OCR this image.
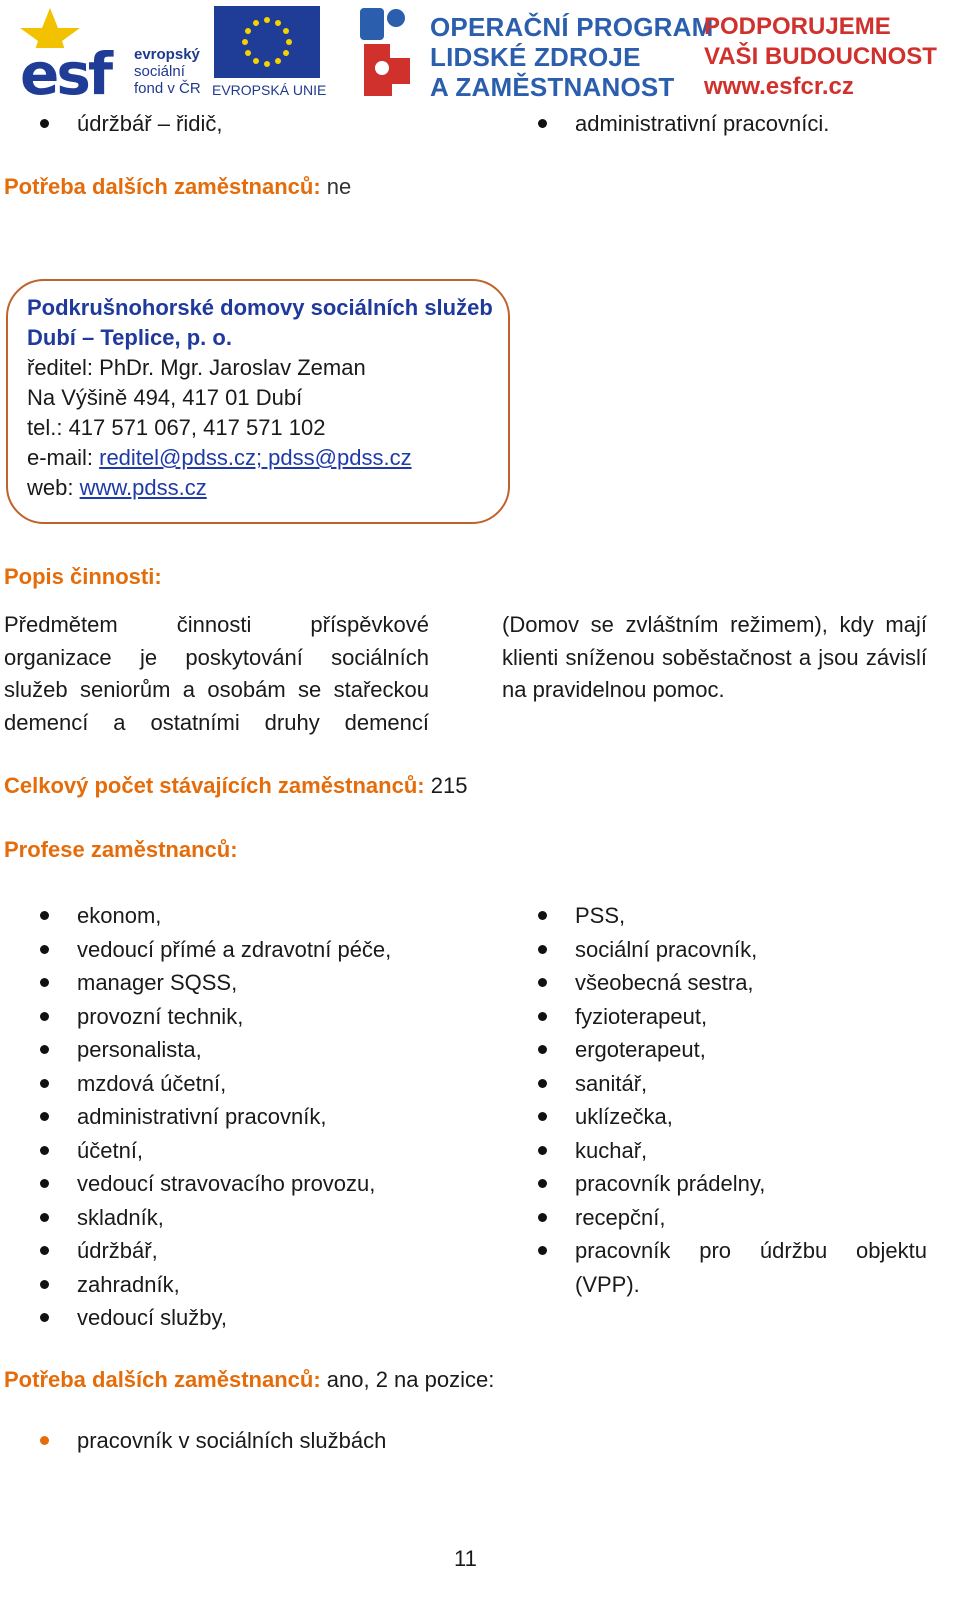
esf evropský
sociální
fond v ČR EVROPSKÁ UNIE
OPERAČNÍ PROGRAM
LIDSKÉ ZDROJE
A ZAMĚSTNANOST
PODPORUJEME
VAŠI BUDOUCNOST
www.esfcr.cz
údržbář – řidič,	administrativní pracovníci.
Potřeba dalších zaměstnanců: ne
Podkrušnohorské domovy sociálních služeb
Dubí – Teplice, p. o.
ředitel: PhDr. Mgr. Jaroslav Zeman
Na Výšině 494, 417 01 Dubí
tel.: 417 571 067, 417 571 102
e-mail: reditel@pdss.cz; pdss@pdss.cz
web: www.pdss.cz
Popis činnosti:
Předmětem činnosti příspěvkové
organizace je poskytování sociálních
služeb seniorům a osobám se stařeckou
demencí a ostatními druhy demencí
(Domov se zvláštním režimem), kdy mají
klienti sníženou soběstačnost a jsou závislí
na pravidelnou pomoc.
Celkový počet stávajících zaměstnanců: 215
Profese zaměstnanců:
ekonom,
vedoucí přímé a zdravotní péče,
manager SQSS,
provozní technik,
personalista,
mzdová účetní,
administrativní pracovník,
účetní,
vedoucí stravovacího provozu,
skladník,
údržbář,
zahradník,
vedoucí služby,
PSS,
sociální pracovník,
všeobecná sestra,
fyzioterapeut,
ergoterapeut,
sanitář,
uklízečka,
kuchař,
pracovník prádelny,
recepční,
pracovník pro údržbu objektu
(VPP).
Potřeba dalších zaměstnanců: ano, 2 na pozice:
pracovník v sociálních službách
11
